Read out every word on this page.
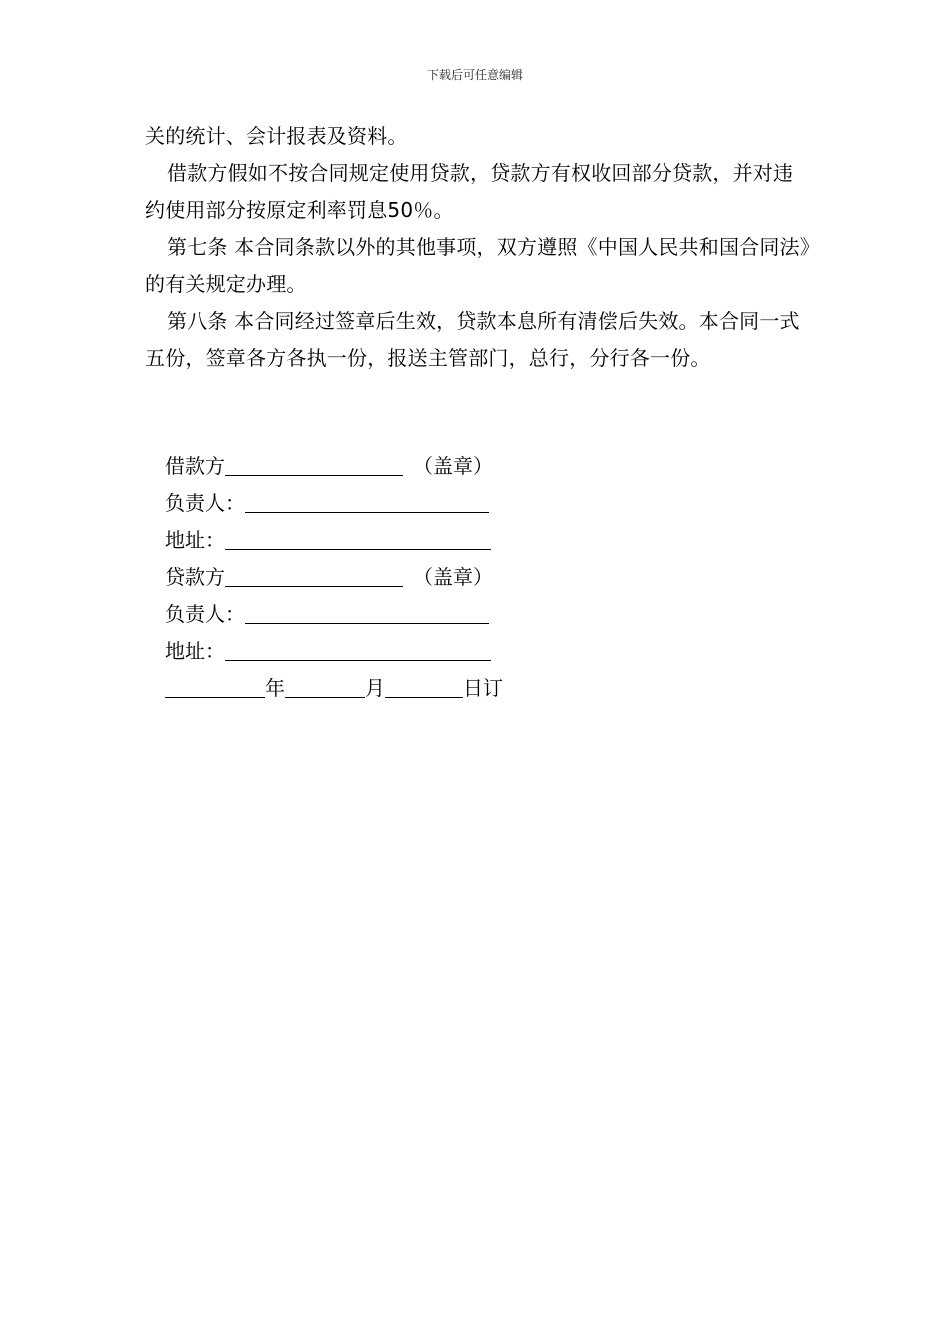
下载后可任意编辑

关的统计、会计报表及资料。

借款方假如不按合同规定使用贷款，贷款方有权收回部分贷款，并对违约使用部分按原定利率罚息50％。

第七条 本合同条款以外的其他事项，双方遵照《中国人民共和国合同法》的有关规定办理。

第八条 本合同经过签章后生效，贷款本息所有清偿后失效。本合同一式五份，签章各方各执一份，报送主管部门，总行，分行各一份。

借款方	（盖章）
负责人：
地址：
贷款方	（盖章）
负责人：
地址：
年	月	日订
